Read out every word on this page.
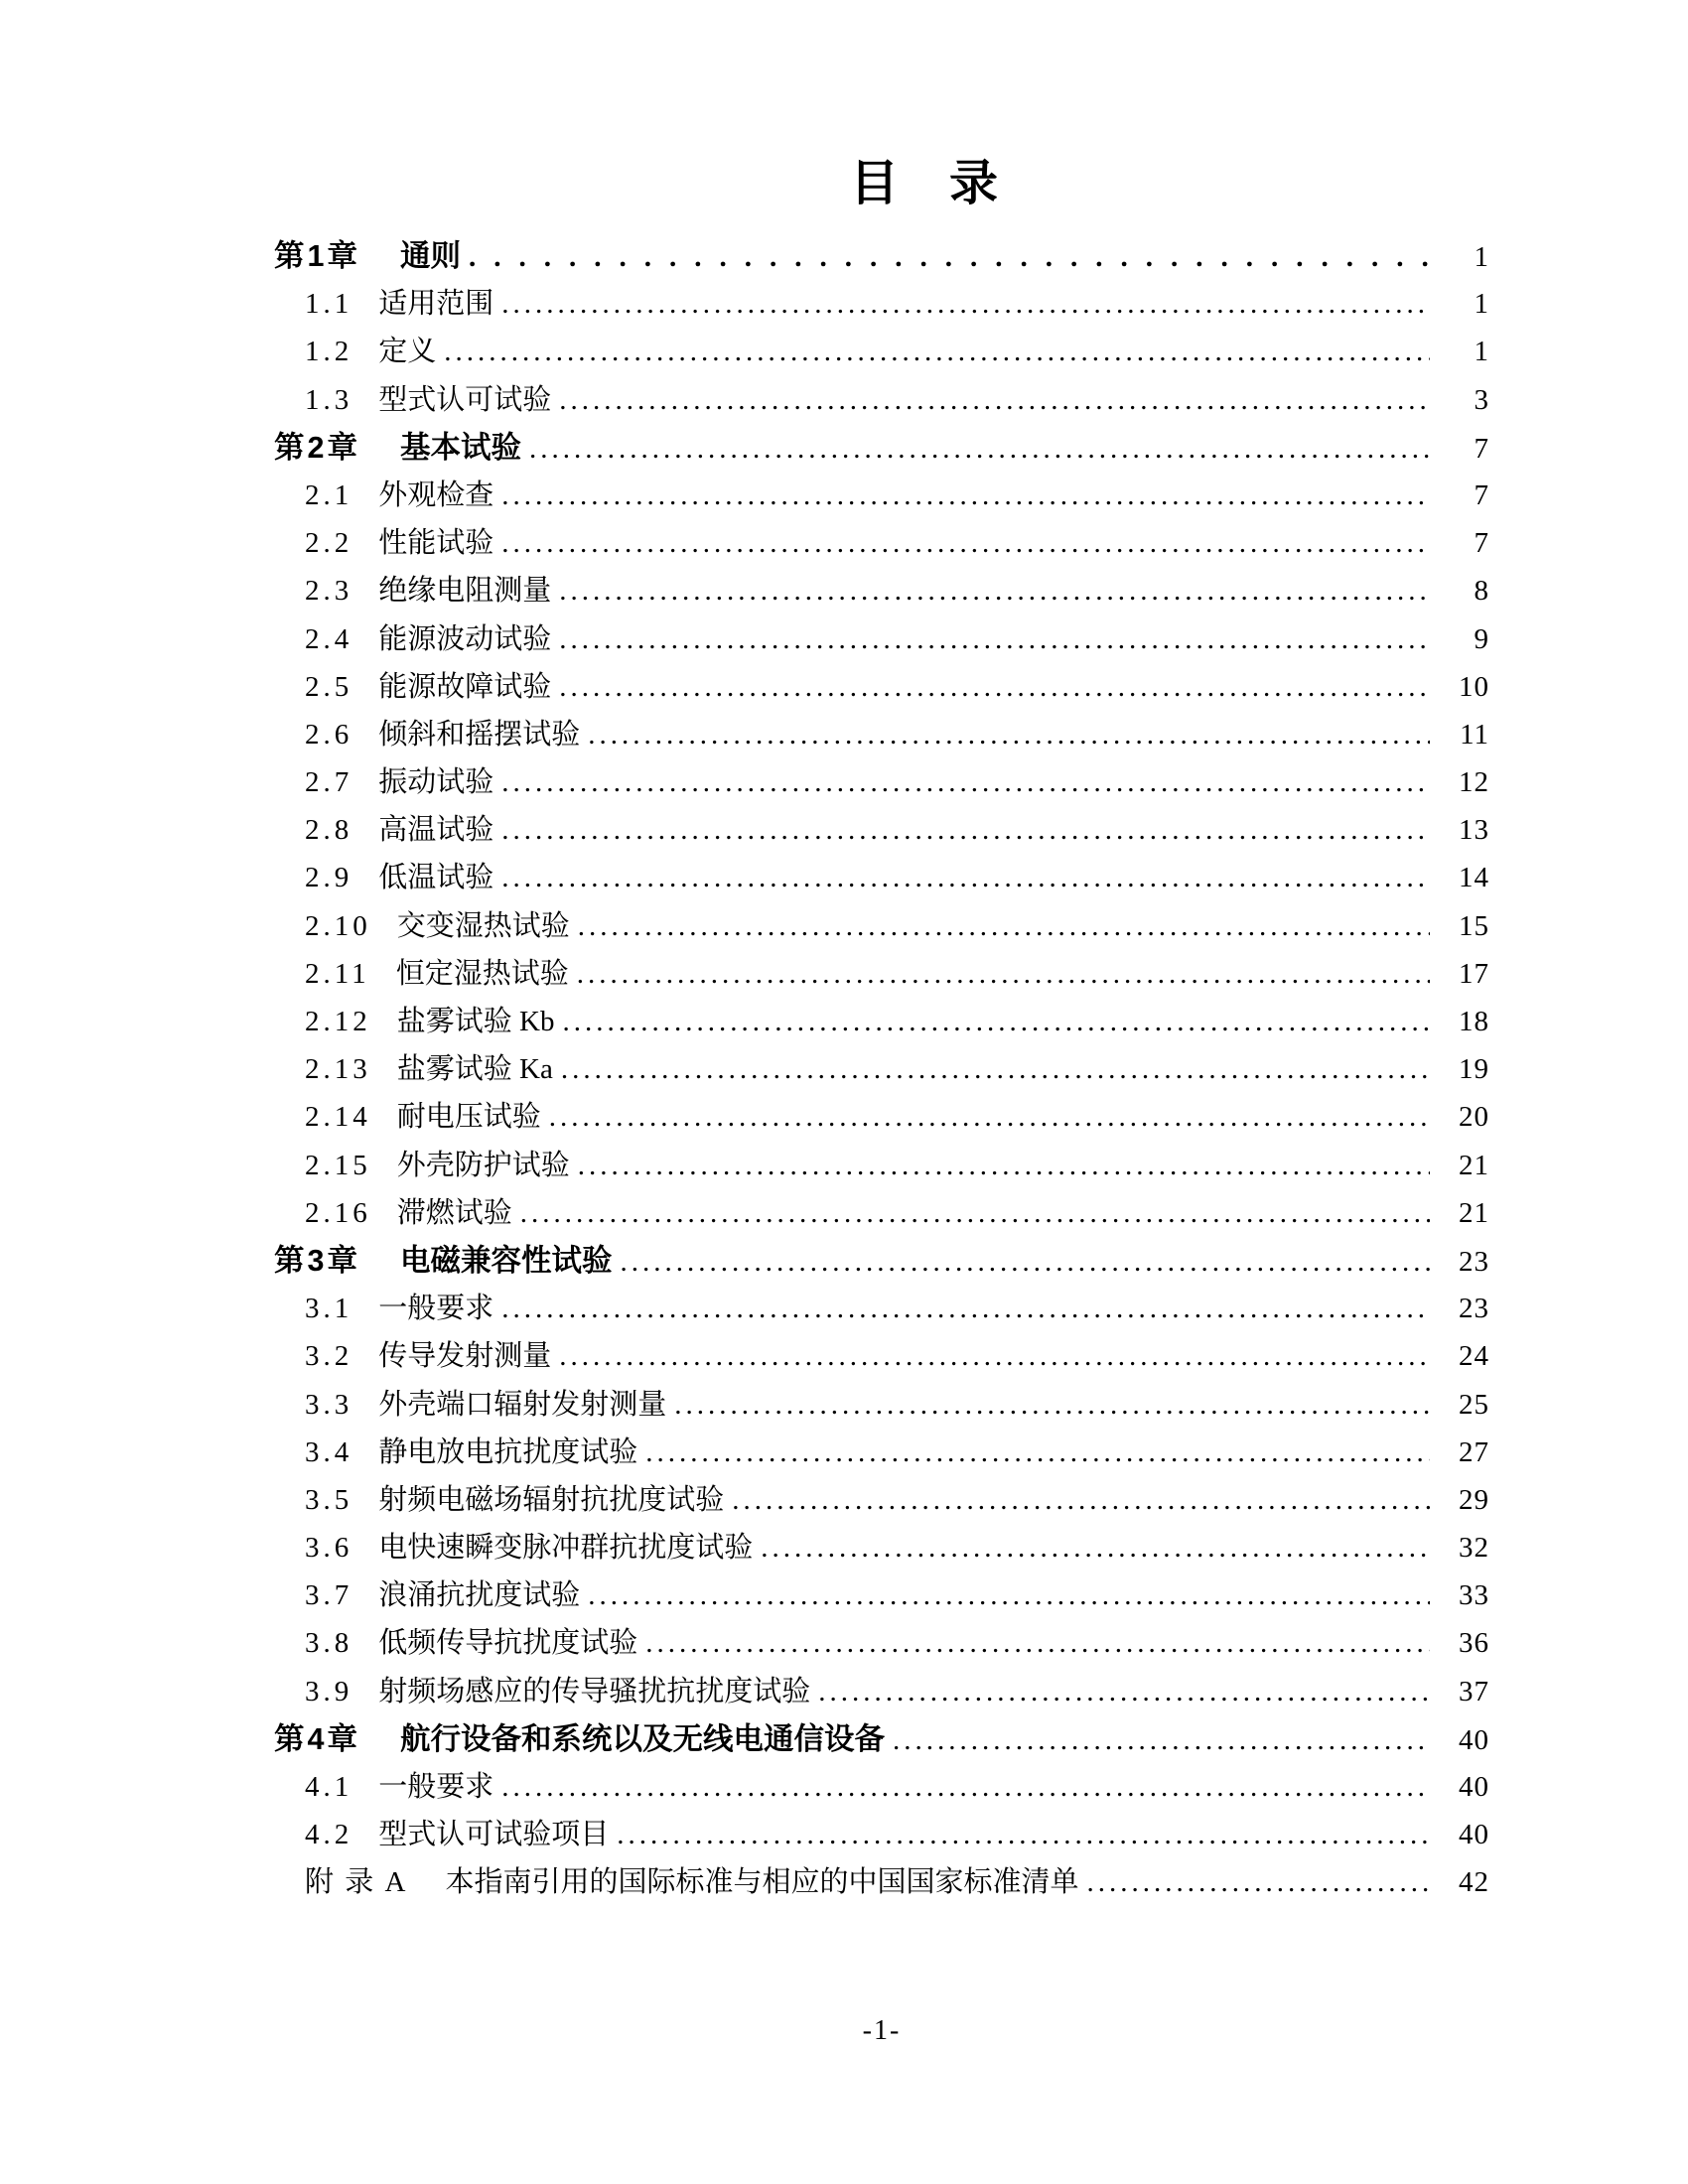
目　录
第1章 通则 .....	1
1.1 适用范围 .....	1
1.2 定义 .....	1
1.3 型式认可试验 .....	3
第2章 基本试验 .....	7
2.1 外观检查 .....	7
2.2 性能试验 .....	7
2.3 绝缘电阻测量 .....	8
2.4 能源波动试验 .....	9
2.5 能源故障试验 .....	10
2.6 倾斜和摇摆试验 .....	11
2.7 振动试验 .....	12
2.8 高温试验 .....	13
2.9 低温试验 .....	14
2.10 交变湿热试验 .....	15
2.11 恒定湿热试验 .....	17
2.12 盐雾试验 Kb .....	18
2.13 盐雾试验 Ka .....	19
2.14 耐电压试验 .....	20
2.15 外壳防护试验 .....	21
2.16 滞燃试验 .....	21
第3章 电磁兼容性试验 .....	23
3.1 一般要求 .....	23
3.2 传导发射测量 .....	24
3.3 外壳端口辐射发射测量 .....	25
3.4 静电放电抗扰度试验 .....	27
3.5 射频电磁场辐射抗扰度试验 .....	29
3.6 电快速瞬变脉冲群抗扰度试验 .....	32
3.7 浪涌抗扰度试验 .....	33
3.8 低频传导抗扰度试验 .....	36
3.9 射频场感应的传导骚扰抗扰度试验 .....	37
第4章 航行设备和系统以及无线电通信设备 .....	40
4.1 一般要求 .....	40
4.2 型式认可试验项目 .....	40
附 录 A 本指南引用的国际标准与相应的中国国家标准清单 .....	42
-1-
